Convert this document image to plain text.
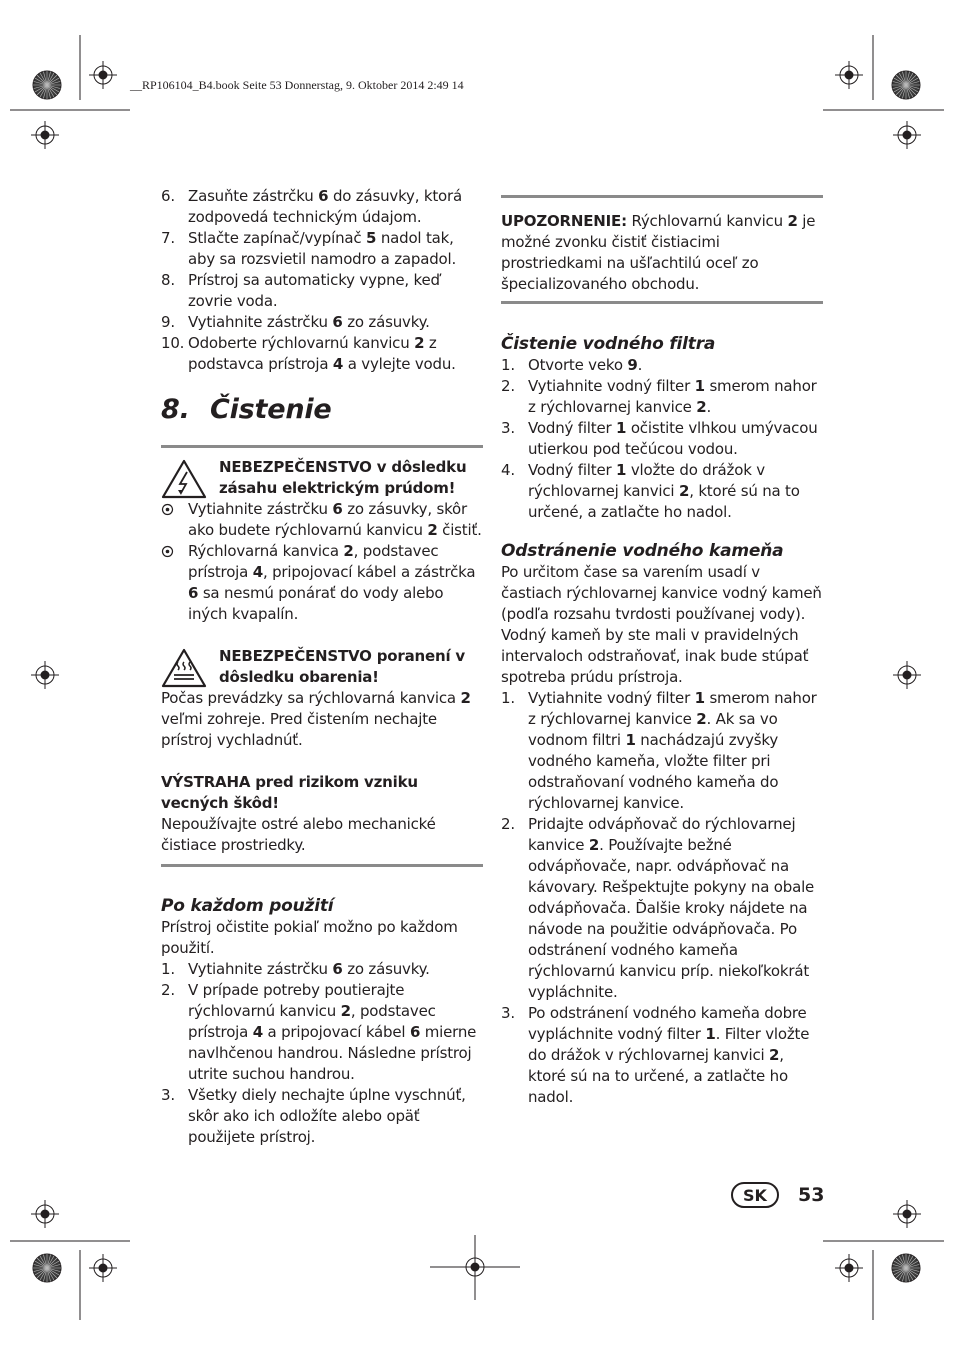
__RP106104_B4.book Seite 53 Donnerstag, 9. Oktober 2014 2:49 14
6. Zasuňte zástrčku 6 do zásuvky, ktorá zodpovedá technickým údajom.
7. Stlačte zapínač/vypínač 5 nadol tak, aby sa rozsvietil namodro a zapadol.
8. Prístroj sa automaticky vypne, keď zovrie voda.
9. Vytiahnite zástrčku 6 zo zásuvky.
10. Odoberte rýchlovarnú kanvicu 2 z podstavca prístroja 4 a vylejte vodu.
8. Čistenie
NEBEZPEČENSTVO v dôsledku zásahu elektrickým prúdom!
Vytiahnite zástrčku 6 zo zásuvky, skôr ako budete rýchlovarnú kanvicu 2 čistiť.
Rýchlovarná kanvica 2, podstavec prístroja 4, pripojovací kábel a zástrčka 6 sa nesmú ponárať do vody alebo iných kvapalín.
NEBEZPEČENSTVO poranení v dôsledku obarenia!
Počas prevádzky sa rýchlovarná kanvica 2 veľmi zohreje. Pred čistením nechajte prístroj vychladnúť.
VÝSTRAHA pred rizikom vzniku vecných škôd!
Nepoužívajte ostré alebo mechanické čistiace prostriedky.
Po každom použití
Prístroj očistite pokiaľ možno po každom použití.
1. Vytiahnite zástrčku 6 zo zásuvky.
2. V prípade potreby poutierajte rýchlovarnú kanvicu 2, podstavec prístroja 4 a pripojovací kábel 6 mierne navlhčenou handrou. Následne prístroj utrite suchou handrou.
3. Všetky diely nechajte úplne vyschnúť, skôr ako ich odložíte alebo opäť použijete prístroj.
UPOZORNENIE: Rýchlovarnú kanvicu 2 je možné zvonku čistiť čistiacimi prostriedkami na ušľachtilú oceľ zo špecializovaného obchodu.
Čistenie vodného filtra
1. Otvorte veko 9.
2. Vytiahnite vodný filter 1 smerom nahor z rýchlovarnej kanvice 2.
3. Vodný filter 1 očistite vlhkou umývacou utierkou pod tečúcou vodou.
4. Vodný filter 1 vložte do drážok v rýchlovarnej kanvici 2, ktoré sú na to určené, a zatlačte ho nadol.
Odstránenie vodného kameňa
Po určitom čase sa varením usadí v častiach rýchlovarnej kanvice vodný kameň (podľa rozsahu tvrdosti používanej vody). Vodný kameň by ste mali v pravidelných intervaloch odstraňovať, inak bude stúpať spotreba prúdu prístroja.
1. Vytiahnite vodný filter 1 smerom nahor z rýchlovarnej kanvice 2. Ak sa vo vodnom filtri 1 nachádzajú zvyšky vodného kameňa, vložte filter pri odstraňovaní vodného kameňa do rýchlovarnej kanvice.
2. Pridajte odvápňovač do rýchlovarnej kanvice 2. Používajte bežné odvápňovače, napr. odvápňovač na kávovary. Rešpektujte pokyny na obale odvápňovača. Ďalšie kroky nájdete na návode na použitie odvápňovača. Po odstránení vodného kameňa rýchlovarnú kanvicu príp. niekoľkokrát vypláchnite.
3. Po odstránení vodného kameňa dobre vypláchnite vodný filter 1. Filter vložte do drážok v rýchlovarnej kanvici 2, ktoré sú na to určené, a zatlačte ho nadol.
SK	53
